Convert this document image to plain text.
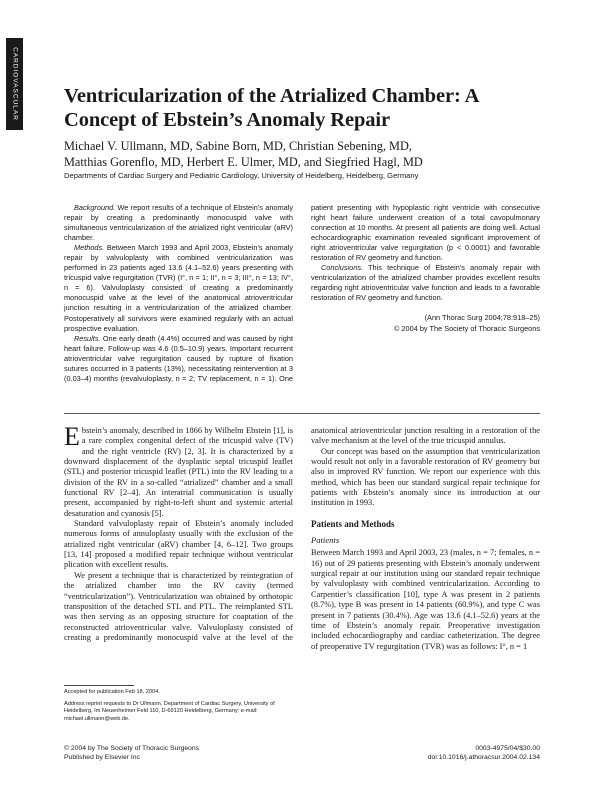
CARDIOVASCULAR Ventricularization of the Atrialized Chamber: A Concept of Ebstein’s Anomaly Repair
Michael V. Ullmann, MD, Sabine Born, MD, Christian Sebening, MD,
Matthias Gorenflo, MD, Herbert E. Ulmer, MD, and Siegfried Hagl, MD
Departments of Cardiac Surgery and Pediatric Cardiology, University of Heidelberg, Heidelberg, Germany

Background. We report results of a technique of Ebstein’s anomaly repair by creating a predominantly monocuspid valve with simultaneous ventricularization of the atrialized right ventricular (aRV) chamber.

Methods. Between March 1993 and April 2003, Ebstein’s anomaly repair by valvuloplasty with combined ventricularization was performed in 23 patients aged 13.6 (4.1–52.6) years presenting with tricuspid valve regurgitation (TVR) (I°, n = 1; II°, n = 3; III°, n = 13; IV°, n = 6). Valvuloplasty consisted of creating a predominantly monocuspid valve at the level of the anatomical atrioventricular junction resulting in a ventricularization of the atrialized chamber. Postoperatively all survivors were examined regularly with an actual prospective evaluation.

Results. One early death (4.4%) occurred and was caused by right heart failure. Follow-up was 4.6 (0.5–10.9) years. Important recurrent atrioventricular valve regurgitation caused by rupture of fixation sutures occurred in 3 patients (13%), necessitating reintervention at 3 (0.03–4) months (revalvuloplasty, n = 2; TV replacement, n = 1). One patient presenting with hypoplastic right ventricle with consecutive right heart failure underwent creation of a total cavopulmonary connection at 10 months. At present all patients are doing well. Actual echocardiographic examination revealed significant improvement of right atrioventricular valve regurgitation (p < 0.0001) and favorable restoration of RV geometry and function.

Conclusions. This technique of Ebstein’s anomaly repair with ventricularization of the atrialized chamber provides excellent results regarding right atrioventricular valve function and leads to a favorable restoration of RV geometry and function.

(Ann Thorac Surg 2004;78:918–25)

© 2004 by The Society of Thoracic Surgeons

Ebstein’s anomaly, described in 1866 by Wilhelm Ebstein [1], is a rare complex congenital defect of the tricuspid valve (TV) and the right ventricle (RV) [2, 3]. It is characterized by a downward displacement of the dysplastic septal tricuspid leaflet (STL) and posterior tricuspid leaflet (PTL) into the RV leading to a division of the RV in a so-called “atrialized” chamber and a small functional RV [2–4]. An interatrial communication is usually present, accompanied by right-to-left shunt and systemic arterial desaturation and cyanosis [5].

Standard valvuloplasty repair of Ebstein’s anomaly included numerous forms of annuloplasty usually with the exclusion of the atrialized right ventricular (aRV) chamber [4, 6–12]. Two groups [13, 14] proposed a modified repair technique without ventricular plication with excellent results.

We present a technique that is characterized by reintegration of the atrialized chamber into the RV cavity (termed “ventricularization”). Ventricularization was obtained by orthotopic transposition of the detached STL and PTL. The reimplanted STL was then serving as an opposing structure for coaptation of the reconstructed atrioventricular valve. Valvuloplasty consisted of creating a predominantly monocuspid valve at the level of the anatomical atrioventricular junction resulting in a restoration of the valve mechanism at the level of the true tricuspid annulus.

Our concept was based on the assumption that ventricularization would result not only in a favorable restoration of RV geometry but also in improved RV function. We report our experience with this method, which has been our standard surgical repair technique for patients with Ebstein’s anomaly since its introduction at our institution in 1993.

Patients and Methods
Patients

Between March 1993 and April 2003, 23 (males, n = 7; females, n = 16) out of 29 patients presenting with Ebstein’s anomaly underwent surgical repair at our institution using our standard repair technique by valvuloplasty with combined ventricularization. According to Carpentier’s classification [10], type A was present in 2 patients (8.7%), type B was present in 14 patients (60.9%), and type C was present in 7 patients (30.4%). Age was 13.6 (4.1–52.6) years at the time of Ebstein’s anomaly repair. Preoperative investigation included echocardiography and cardiac catheterization. The degree of preoperative TV regurgitation (TVR) was as follows: I°, n = 1

Accepted for publication Feb 18, 2004.

Address reprint requests to Dr Ullmann, Department of Cardiac Surgery, University of Heidelberg, Im Neuenheimer Feld 110, D-69120 Heidelberg, Germany; e-mail: michael.ullmann@web.de.

© 2004 by The Society of Thoracic Surgeons
Published by Elsevier Inc
0003-4975/04/$30.00
doi:10.1016/j.athoracsur.2004.02.134
